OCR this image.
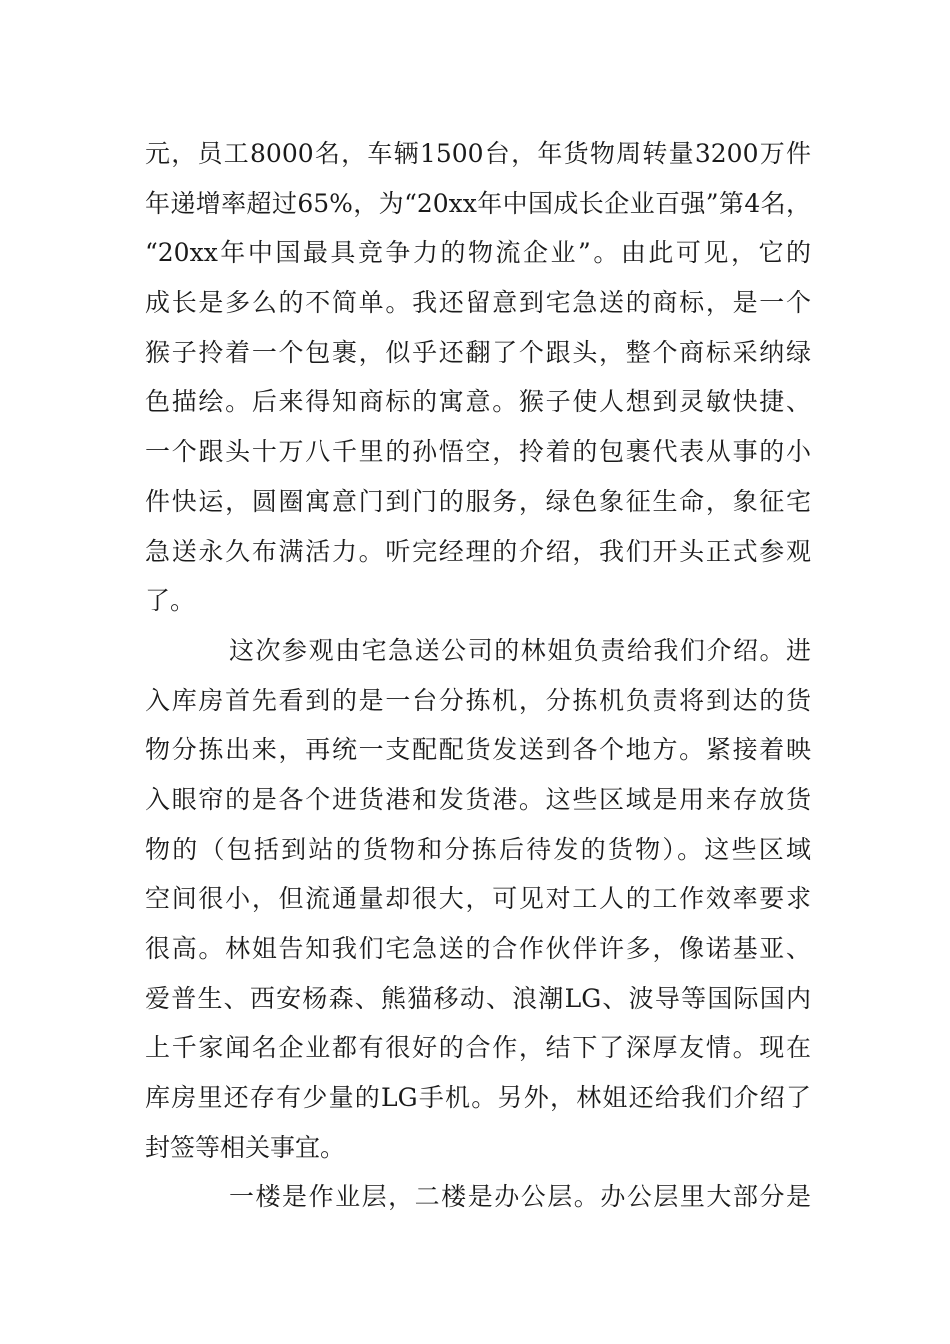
元，员工8000名，车辆1500台，年货物周转量3200万件
年递增率超过65%，为“20xx年中国成长企业百强”第4名，
“20xx年中国最具竞争力的物流企业”。由此可见，它的
成长是多么的不简单。我还留意到宅急送的商标，是一个
猴子拎着一个包裹，似乎还翻了个跟头，整个商标采纳绿
色描绘。后来得知商标的寓意。猴子使人想到灵敏快捷、
一个跟头十万八千里的孙悟空，拎着的包裹代表从事的小
件快运，圆圈寓意门到门的服务，绿色象征生命，象征宅
急送永久布满活力。听完经理的介绍，我们开头正式参观
了。
这次参观由宅急送公司的林姐负责给我们介绍。进
入库房首先看到的是一台分拣机，分拣机负责将到达的货
物分拣出来，再统一支配配货发送到各个地方。紧接着映
入眼帘的是各个进货港和发货港。这些区域是用来存放货
物的（包括到站的货物和分拣后待发的货物）。这些区域
空间很小，但流通量却很大，可见对工人的工作效率要求
很高。林姐告知我们宅急送的合作伙伴许多，像诺基亚、
爱普生、西安杨森、熊猫移动、浪潮LG、波导等国际国内
上千家闻名企业都有很好的合作，结下了深厚友情。现在
库房里还存有少量的LG手机。另外，林姐还给我们介绍了
封签等相关事宜。
一楼是作业层，二楼是办公层。办公层里大部分是
